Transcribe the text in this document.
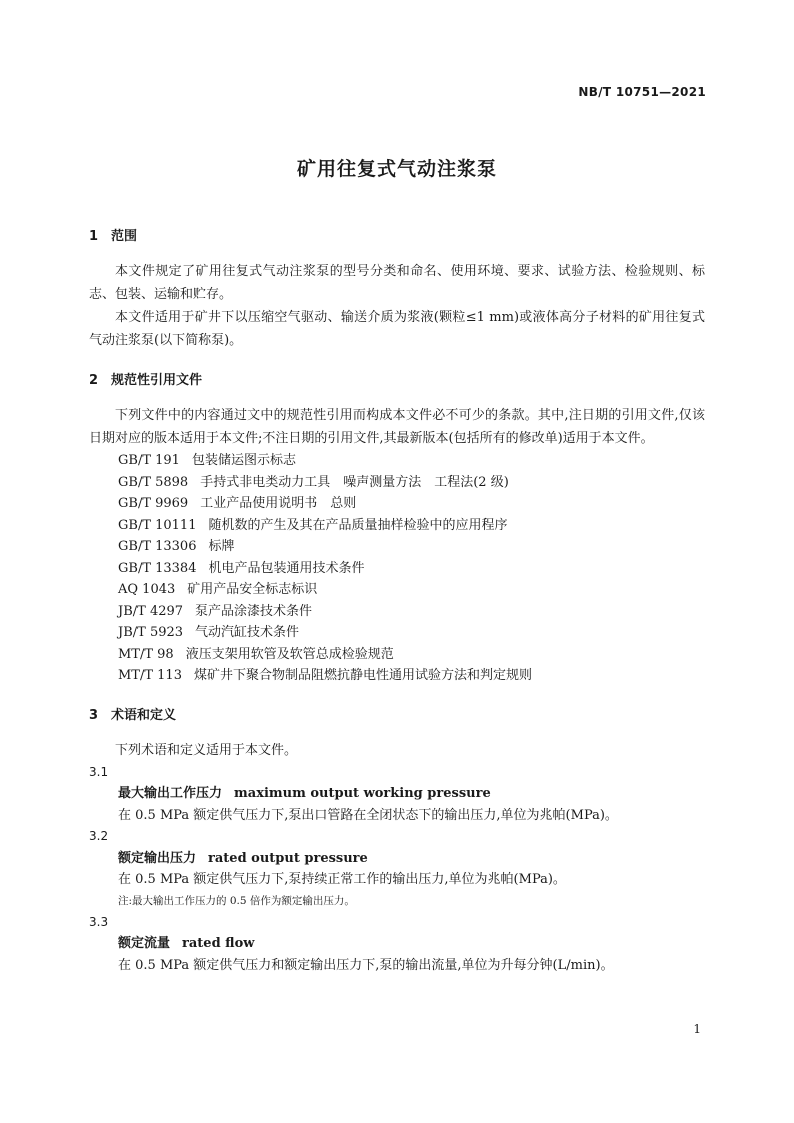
NB/T 10751—2021
矿用往复式气动注浆泵
1 范围

本文件规定了矿用往复式气动注浆泵的型号分类和命名、使用环境、要求、试验方法、检验规则、标志、包装、运输和贮存。

本文件适用于矿井下以压缩空气驱动、输送介质为浆液(颗粒≤1 mm)或液体高分子材料的矿用往复式气动注浆泵(以下简称泵)。

2 规范性引用文件

下列文件中的内容通过文中的规范性引用而构成本文件必不可少的条款。其中,注日期的引用文件,仅该日期对应的版本适用于本文件;不注日期的引用文件,其最新版本(包括所有的修改单)适用于本文件。

GB/T 191 包装储运图示标志

GB/T 5898 手持式非电类动力工具　噪声测量方法　工程法(2 级)

GB/T 9969 工业产品使用说明书　总则

GB/T 10111 随机数的产生及其在产品质量抽样检验中的应用程序

GB/T 13306 标牌

GB/T 13384 机电产品包装通用技术条件

AQ 1043 矿用产品安全标志标识

JB/T 4297 泵产品涂漆技术条件

JB/T 5923 气动汽缸技术条件

MT/T 98 液压支架用软管及软管总成检验规范

MT/T 113 煤矿井下聚合物制品阻燃抗静电性通用试验方法和判定规则

3 术语和定义

下列术语和定义适用于本文件。

3.1

最大输出工作压力 maximum output working pressure

在 0.5 MPa 额定供气压力下,泵出口管路在全闭状态下的输出压力,单位为兆帕(MPa)。

3.2

额定输出压力 rated output pressure

在 0.5 MPa 额定供气压力下,泵持续正常工作的输出压力,单位为兆帕(MPa)。

注:最大输出工作压力的 0.5 倍作为额定输出压力。

3.3

额定流量 rated flow

在 0.5 MPa 额定供气压力和额定输出压力下,泵的输出流量,单位为升每分钟(L/min)。

1
